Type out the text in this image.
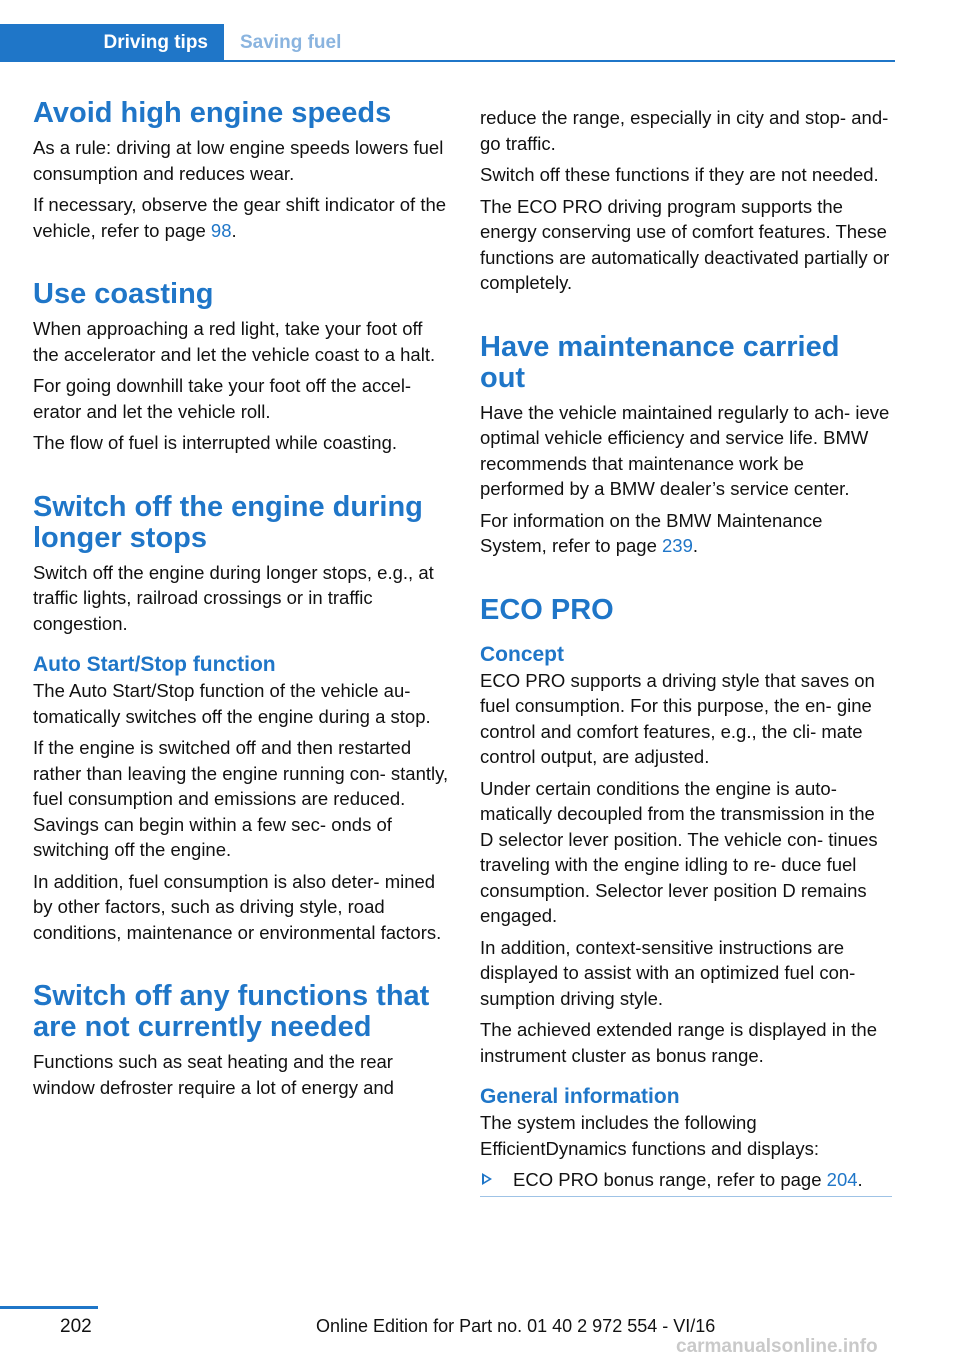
Driving tips	Saving fuel
Avoid high engine speeds

As a rule: driving at low engine speeds lowers fuel consumption and reduces wear.

If necessary, observe the gear shift indicator of the vehicle, refer to page 98.

Use coasting

When approaching a red light, take your foot off the accelerator and let the vehicle coast to a halt.

For going downhill take your foot off the accel‐ erator and let the vehicle roll.

The flow of fuel is interrupted while coasting.

Switch off the engine during longer stops

Switch off the engine during longer stops, e.g., at traffic lights, railroad crossings or in traffic congestion.

Auto Start/Stop function

The Auto Start/Stop function of the vehicle au‐ tomatically switches off the engine during a stop.

If the engine is switched off and then restarted rather than leaving the engine running con‐ stantly, fuel consumption and emissions are reduced. Savings can begin within a few sec‐ onds of switching off the engine.

In addition, fuel consumption is also deter‐ mined by other factors, such as driving style, road conditions, maintenance or environmental factors.

Switch off any functions that are not currently needed

Functions such as seat heating and the rear window defroster require a lot of energy and

reduce the range, especially in city and stop- and-go traffic.

Switch off these functions if they are not needed.

The ECO PRO driving program supports the energy conserving use of comfort features. These functions are automatically deactivated partially or completely.

Have maintenance carried out

Have the vehicle maintained regularly to ach‐ ieve optimal vehicle efficiency and service life. BMW recommends that maintenance work be performed by a BMW dealer’s service center.

For information on the BMW Maintenance System, refer to page 239.

ECO PRO
Concept

ECO PRO supports a driving style that saves on fuel consumption. For this purpose, the en‐ gine control and comfort features, e.g., the cli‐ mate control output, are adjusted.

Under certain conditions the engine is auto‐ matically decoupled from the transmission in the D selector lever position. The vehicle con‐ tinues traveling with the engine idling to re‐ duce fuel consumption. Selector lever position D remains engaged.

In addition, context-sensitive instructions are displayed to assist with an optimized fuel con‐ sumption driving style.

The achieved extended range is displayed in the instrument cluster as bonus range.

General information

The system includes the following EfficientDynamics functions and displays:

ECO PRO bonus range, refer to page 204.
202	Online Edition for Part no. 01 40 2 972 554 - VI/16
carmanualsonline.info
